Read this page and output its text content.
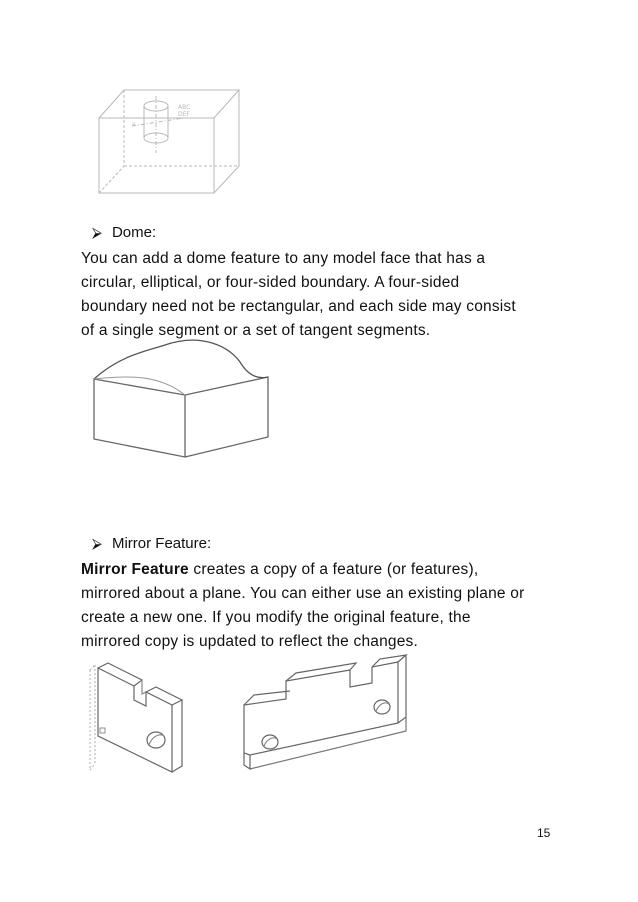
ABC
DEF
a
⮚ Dome:
You can add a dome feature to any model face that has a
circular, elliptical, or four-sided boundary. A four-sided
boundary need not be rectangular, and each side may consist
of a single segment or a set of tangent segments.
⮚ Mirror Feature:
Mirror Feature creates a copy of a feature (or features),
mirrored about a plane. You can either use an existing plane or
create a new one. If you modify the original feature, the
mirrored copy is updated to reflect the changes.
15
